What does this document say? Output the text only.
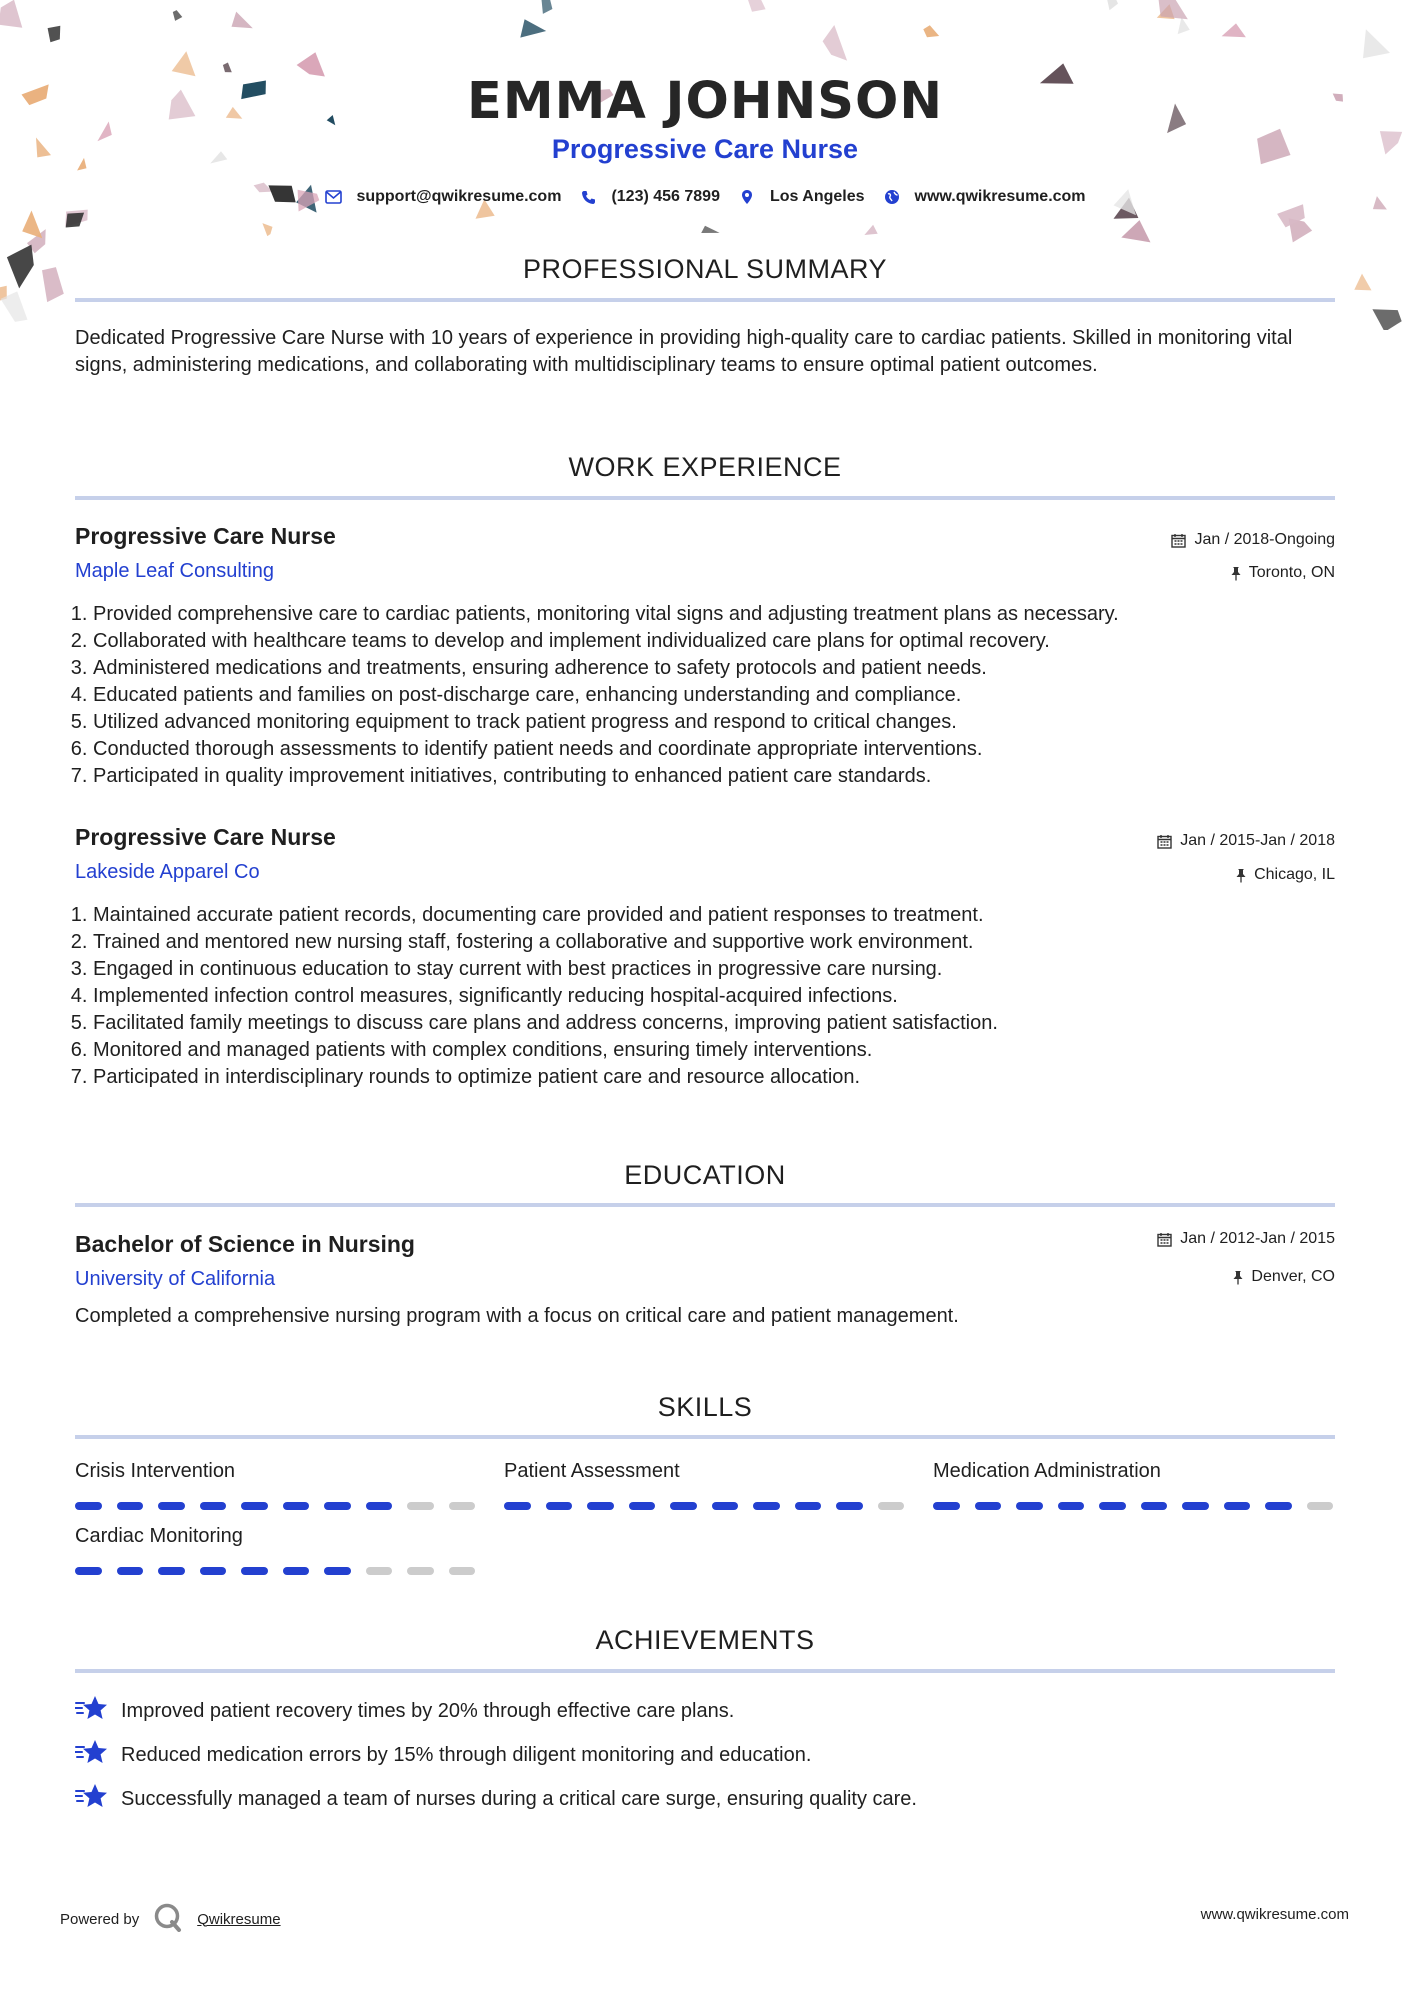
EMMA JOHNSON
Progressive Care Nurse
support@qwikresume.com	(123) 456 7899	Los Angeles	www.qwikresume.com
PROFESSIONAL SUMMARY
Dedicated Progressive Care Nurse with 10 years of experience in providing high-quality care to cardiac patients. Skilled in monitoring vital signs, administering medications, and collaborating with multidisciplinary teams to ensure optimal patient outcomes.
WORK EXPERIENCE
Progressive Care Nurse
Maple Leaf Consulting
Jan / 2018-Ongoing
Toronto, ON
1. Provided comprehensive care to cardiac patients, monitoring vital signs and adjusting treatment plans as necessary.
2. Collaborated with healthcare teams to develop and implement individualized care plans for optimal recovery.
3. Administered medications and treatments, ensuring adherence to safety protocols and patient needs.
4. Educated patients and families on post-discharge care, enhancing understanding and compliance.
5. Utilized advanced monitoring equipment to track patient progress and respond to critical changes.
6. Conducted thorough assessments to identify patient needs and coordinate appropriate interventions.
7. Participated in quality improvement initiatives, contributing to enhanced patient care standards.
Progressive Care Nurse
Lakeside Apparel Co
Jan / 2015-Jan / 2018
Chicago, IL
1. Maintained accurate patient records, documenting care provided and patient responses to treatment.
2. Trained and mentored new nursing staff, fostering a collaborative and supportive work environment.
3. Engaged in continuous education to stay current with best practices in progressive care nursing.
4. Implemented infection control measures, significantly reducing hospital-acquired infections.
5. Facilitated family meetings to discuss care plans and address concerns, improving patient satisfaction.
6. Monitored and managed patients with complex conditions, ensuring timely interventions.
7. Participated in interdisciplinary rounds to optimize patient care and resource allocation.
EDUCATION
Bachelor of Science in Nursing
University of California
Jan / 2012-Jan / 2015
Denver, CO
Completed a comprehensive nursing program with a focus on critical care and patient management.
SKILLS
Crisis Intervention	Patient Assessment	Medication Administration
Cardiac Monitoring
ACHIEVEMENTS
Improved patient recovery times by 20% through effective care plans.
Reduced medication errors by 15% through diligent monitoring and education.
Successfully managed a team of nurses during a critical care surge, ensuring quality care.
Powered by	Qwikresume	www.qwikresume.com
